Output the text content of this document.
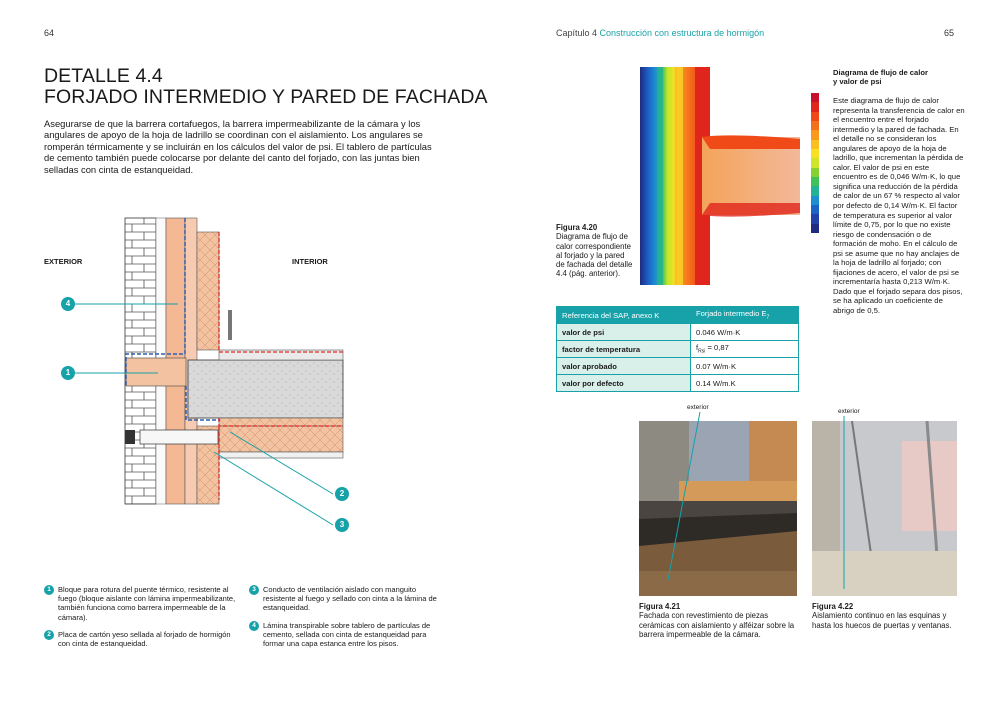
64	Capítulo 4 Construcción con estructura de hormigón	65
DETALLE 4.4
FORJADO INTERMEDIO Y PARED DE FACHADA
Asegurarse de que la barrera cortafuegos, la barrera impermeabilizante de la cámara y los angulares de apoyo de la hoja de ladrillo se coordinan con el aislamiento. Los angulares se romperán térmicamente y se incluirán en los cálculos del valor de psi. El tablero de partículas de cemento también puede colocarse por delante del canto del forjado, con las juntas bien selladas con cinta de estanqueidad.
EXTERIOR	INTERIOR
4
1
2
3
1 Bloque para rotura del puente térmico, resistente al fuego (bloque aislante con lámina impermeabilizante, también funciona como barrera impermeable de la cámara).
2 Placa de cartón yeso sellada al forjado de hormigón con cinta de estanqueidad.
3 Conducto de ventilación aislado con manguito resistente al fuego y sellado con cinta a la lámina de estanqueidad.
4 Lámina transpirable sobre tablero de partículas de cemento, sellada con cinta de estanqueidad para formar una capa estanca entre los pisos.
Diagrama de flujo de calor
y valor de psi
Este diagrama de flujo de calor representa la transferencia de calor en el encuentro entre el forjado intermedio y la pared de fachada. En el detalle no se consideran los angulares de apoyo de la hoja de ladrillo, que incrementan la pérdida de calor. El valor de psi en este encuentro es de 0,046 W/m·K, lo que significa una reducción de la pérdida de calor de un 67 % respecto al valor por defecto de 0,14 W/m·K. El factor de temperatura es superior al valor límite de 0,75, por lo que no existe riesgo de condensación o de formación de moho. En el cálculo de psi se asume que no hay anclajes de la hoja de ladrillo al forjado; con fijaciones de acero, el valor de psi se incrementaría hasta 0,213 W/m·K. Dado que el forjado separa dos pisos, se ha aplicado un coeficiente de abrigo de 0,5.
Figura 4.20
Diagrama de flujo de calor correspondiente al forjado y la pared de fachada del detalle 4.4 (pág. anterior).
Referencia del SAP, anexo K	Forjado intermedio $E_7$
valor de psi	0.046 W/m·K
factor de temperatura	$f_{Rsi} = 0,87$
valor aprobado	0.07 W/m·K
valor por defecto	0.14 W/m.K
exterior
Figura 4.21
Fachada con revestimiento de piezas cerámicas con aislamiento y alféizar sobre la barrera impermeable de la cámara.
exterior
Figura 4.22
Aislamiento continuo en las esquinas y hasta los huecos de puertas y ventanas.
